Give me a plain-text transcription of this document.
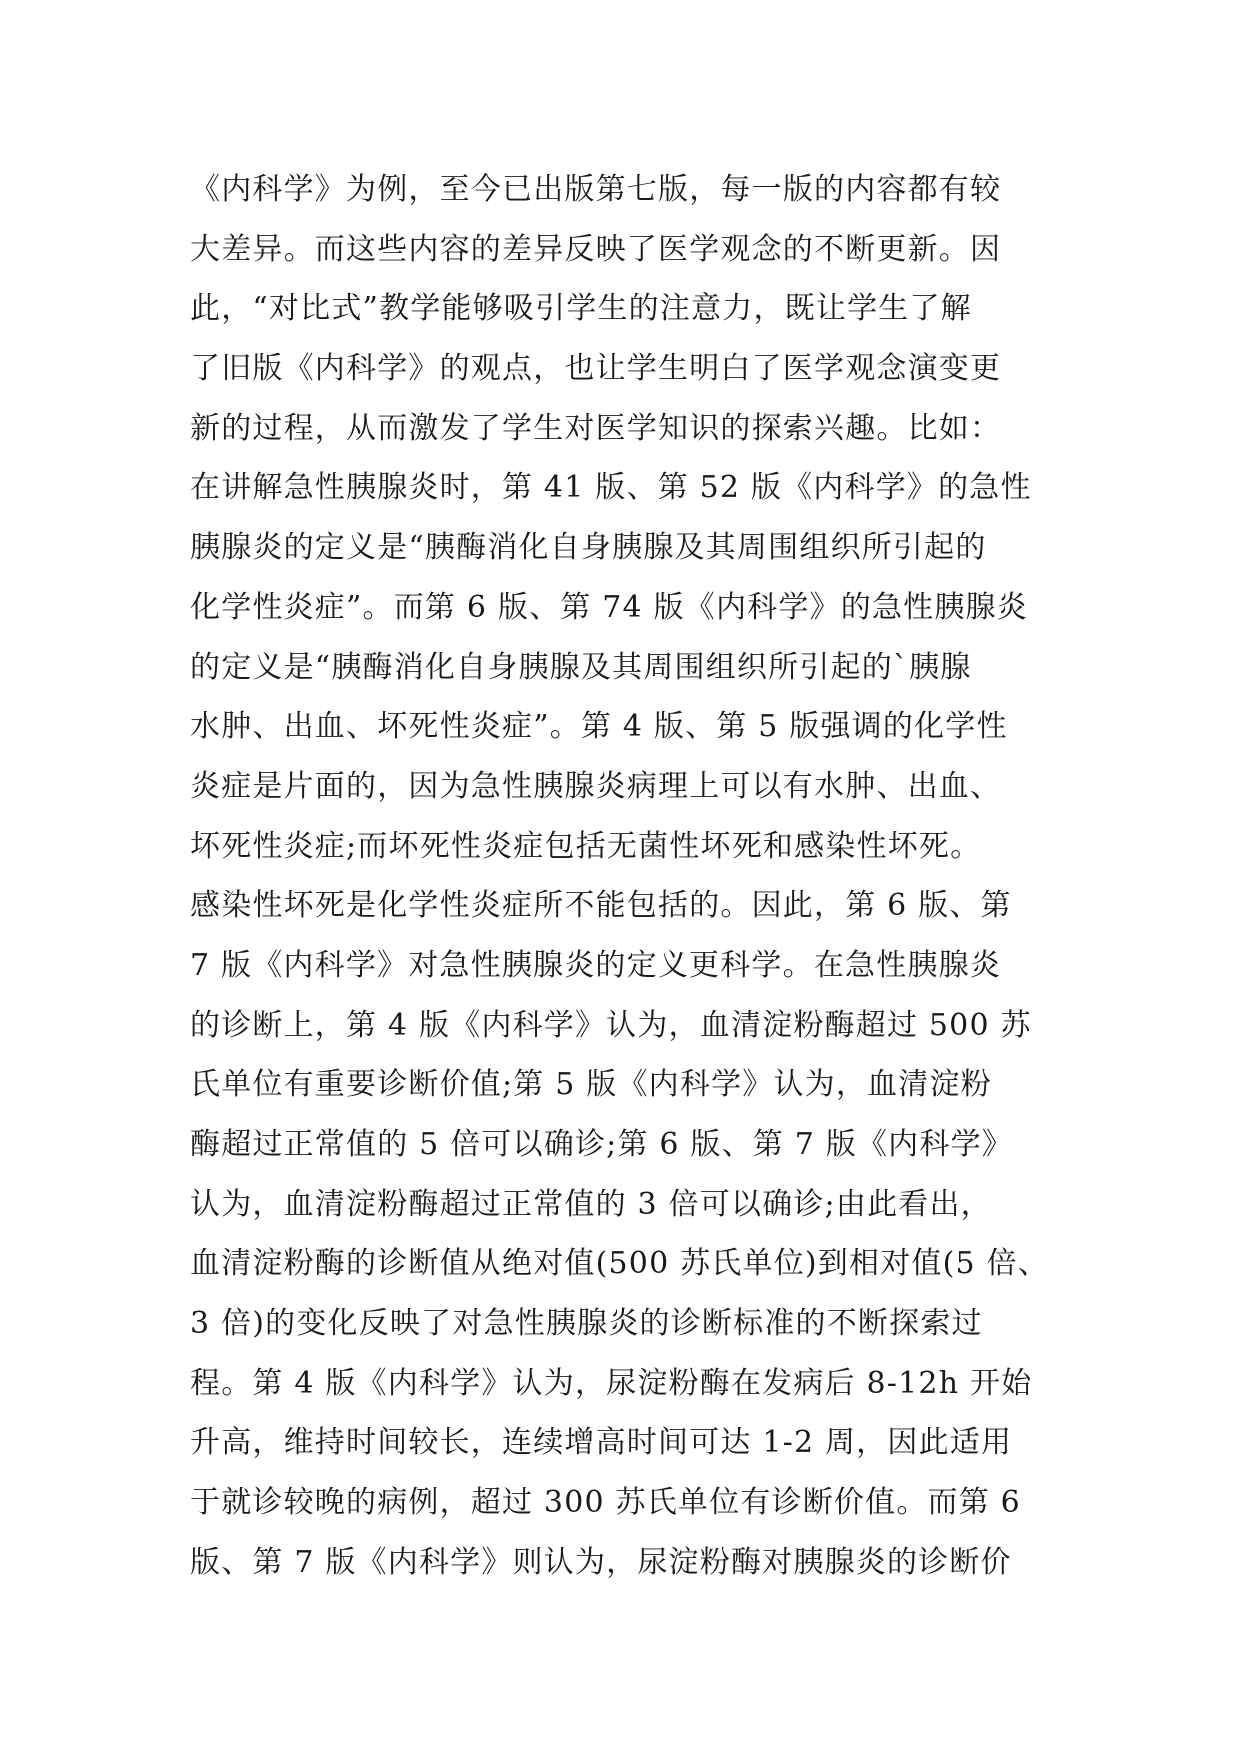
《内科学》为例，至今已出版第七版，每一版的内容都有较
大差异。而这些内容的差异反映了医学观念的不断更新。因
此，“对比式”教学能够吸引学生的注意力，既让学生了解
了旧版《内科学》的观点，也让学生明白了医学观念演变更
新的过程，从而激发了学生对医学知识的探索兴趣。比如：
在讲解急性胰腺炎时，第 41 版、第 52 版《内科学》的急性
胰腺炎的定义是“胰酶消化自身胰腺及其周围组织所引起的
化学性炎症”。而第 6 版、第 74 版《内科学》的急性胰腺炎
的定义是“胰酶消化自身胰腺及其周围组织所引起的`胰腺
水肿、出血、坏死性炎症”。第 4 版、第 5 版强调的化学性
炎症是片面的，因为急性胰腺炎病理上可以有水肿、出血、
坏死性炎症;而坏死性炎症包括无菌性坏死和感染性坏死。
感染性坏死是化学性炎症所不能包括的。因此，第 6 版、第
7 版《内科学》对急性胰腺炎的定义更科学。在急性胰腺炎
的诊断上，第 4 版《内科学》认为，血清淀粉酶超过 500 苏
氏单位有重要诊断价值;第 5 版《内科学》认为，血清淀粉
酶超过正常值的 5 倍可以确诊;第 6 版、第 7 版《内科学》
认为，血清淀粉酶超过正常值的 3 倍可以确诊;由此看出，
血清淀粉酶的诊断值从绝对值(500 苏氏单位)到相对值(5 倍、
3 倍)的变化反映了对急性胰腺炎的诊断标准的不断探索过
程。第 4 版《内科学》认为，尿淀粉酶在发病后 8-12h 开始
升高，维持时间较长，连续增高时间可达 1-2 周，因此适用
于就诊较晚的病例，超过 300 苏氏单位有诊断价值。而第 6
版、第 7 版《内科学》则认为，尿淀粉酶对胰腺炎的诊断价
